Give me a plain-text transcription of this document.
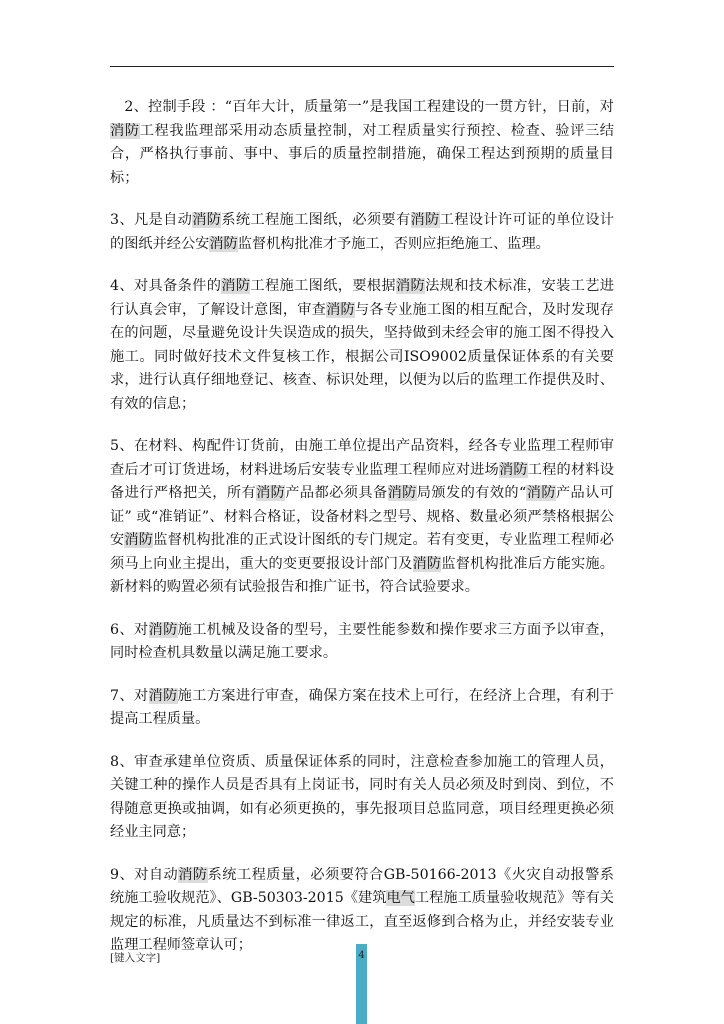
　2、控制手段 ：“百年大计，质量第一”是我国工程建设的一贯方针，日前，对消防工程我监理部采用动态质量控制，对工程质量实行预控、检查、验评三结合，严格执行事前、事中、事后的质量控制措施，确保工程达到预期的质量目标；

3、凡是自动消防系统工程施工图纸，必须要有消防工程设计许可证的单位设计的图纸并经公安消防监督机构批准才予施工，否则应拒绝施工、监理。

4、对具备条件的消防工程施工图纸，要根据消防法规和技术标准，安装工艺进行认真会审，了解设计意图，审查消防与各专业施工图的相互配合，及时发现存在的问题，尽量避免设计失误造成的损失，坚持做到未经会审的施工图不得投入施工。同时做好技术文件复核工作，根据公司ISO9002质量保证体系的有关要求，进行认真仔细地登记、核查、标识处理，以便为以后的监理工作提供及时、有效的信息；

5、在材料、构配件订货前，由施工单位提出产品资料，经各专业监理工程师审查后才可订货进场，材料进场后安装专业监理工程师应对进场消防工程的材料设备进行严格把关，所有消防产品都必须具备消防局颁发的有效的“消防产品认可证” 或“准销证”、材料合格证，设备材料之型号、规格、数量必须严禁格根据公安消防监督机构批准的正式设计图纸的专门规定。若有变更，专业监理工程师必须马上向业主提出，重大的变更要报设计部门及消防监督机构批准后方能实施。新材料的购置必须有试验报告和推广证书，符合试验要求。

6、对消防施工机械及设备的型号，主要性能参数和操作要求三方面予以审查，同时检查机具数量以满足施工要求。

7、对消防施工方案进行审查，确保方案在技术上可行，在经济上合理，有利于提高工程质量。

8、审查承建单位资质、质量保证体系的同时，注意检查参加施工的管理人员，关键工种的操作人员是否具有上岗证书，同时有关人员必须及时到岗、到位，不得随意更换或抽调，如有必须更换的，事先报项目总监同意，项目经理更换必须经业主同意；

9、对自动消防系统工程质量，必须要符合GB-50166-2013《火灾自动报警系统施工验收规范》、GB-50303-2015《建筑电气工程施工质量验收规范》等有关规定的标准，凡质量达不到标准一律返工，直至返修到合格为止，并经安装专业监理工程师签章认可；

[键入文字]	4
